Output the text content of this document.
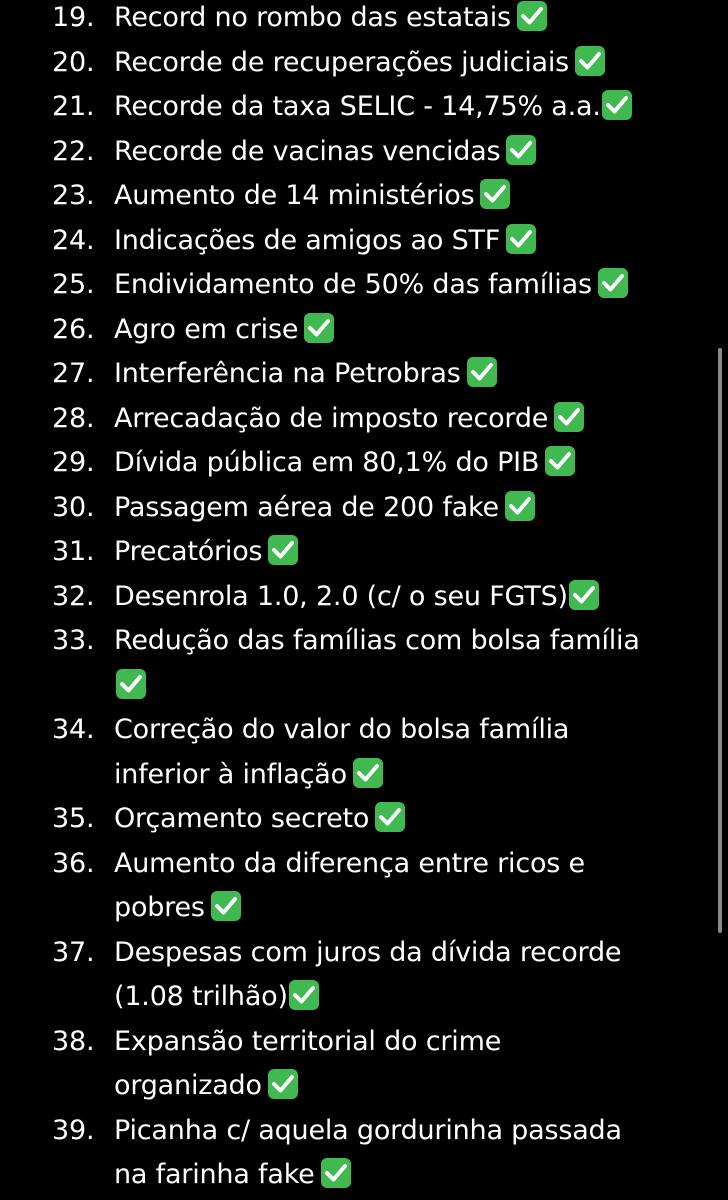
19. Record no rombo das estatais
20. Recorde de recuperações judiciais
21. Recorde da taxa SELIC - 14,75% a.a.
22. Recorde de vacinas vencidas
23. Aumento de 14 ministérios
24. Indicações de amigos ao STF
25. Endividamento de 50% das famílias
26. Agro em crise
27. Interferência na Petrobras
28. Arrecadação de imposto recorde
29. Dívida pública em 80,1% do PIB
30. Passagem aérea de 200 fake
31. Precatórios
32. Desenrola 1.0, 2.0 (c/ o seu FGTS)
33. Redução das famílias com bolsa família
34. Correção do valor do bolsa família
inferior à inflação
35. Orçamento secreto
36. Aumento da diferença entre ricos e
pobres
37. Despesas com juros da dívida recorde
(1.08 trilhão)
38. Expansão territorial do crime
organizado
39. Picanha c/ aquela gordurinha passada
na farinha fake
